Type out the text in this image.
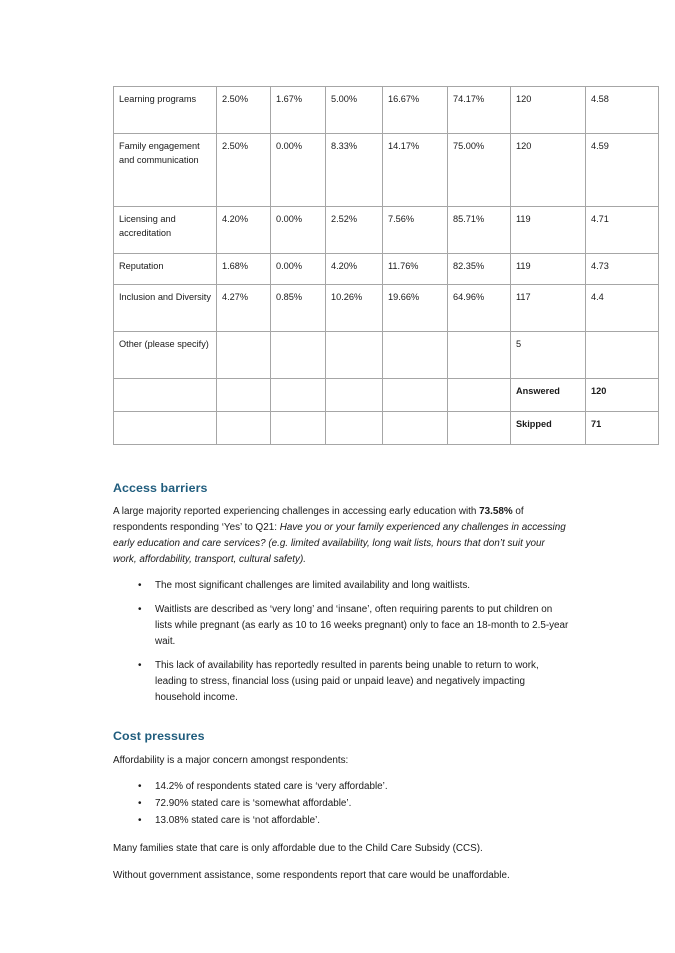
Learning programs	2.50%	1.67%	5.00%	16.67%	74.17%	120	4.58
Family engagement and communication	2.50%	0.00%	8.33%	14.17%	75.00%	120	4.59
Licensing and accreditation	4.20%	0.00%	2.52%	7.56%	85.71%	119	4.71
Reputation	1.68%	0.00%	4.20%	11.76%	82.35%	119	4.73
Inclusion and Diversity	4.27%	0.85%	10.26%	19.66%	64.96%	117	4.4
Other (please specify)						5	
						Answered	120
						Skipped	71
Access barriers

A large majority reported experiencing challenges in accessing early education with 73.58% of respondents responding ‘Yes’ to Q21: Have you or your family experienced any challenges in accessing early education and care services? (e.g. limited availability, long wait lists, hours that don’t suit your work, affordability, transport, cultural safety).

• The most significant challenges are limited availability and long waitlists.
• Waitlists are described as ‘very long’ and ‘insane’, often requiring parents to put children on lists while pregnant (as early as 10 to 16 weeks pregnant) only to face an 18-month to 2.5-year wait.
• This lack of availability has reportedly resulted in parents being unable to return to work, leading to stress, financial loss (using paid or unpaid leave) and negatively impacting household income.
Cost pressures

Affordability is a major concern amongst respondents:

• 14.2% of respondents stated care is ‘very affordable’.
• 72.90% stated care is ‘somewhat affordable’.
• 13.08% stated care is ‘not affordable’.

Many families state that care is only affordable due to the Child Care Subsidy (CCS).

Without government assistance, some respondents report that care would be unaffordable.
